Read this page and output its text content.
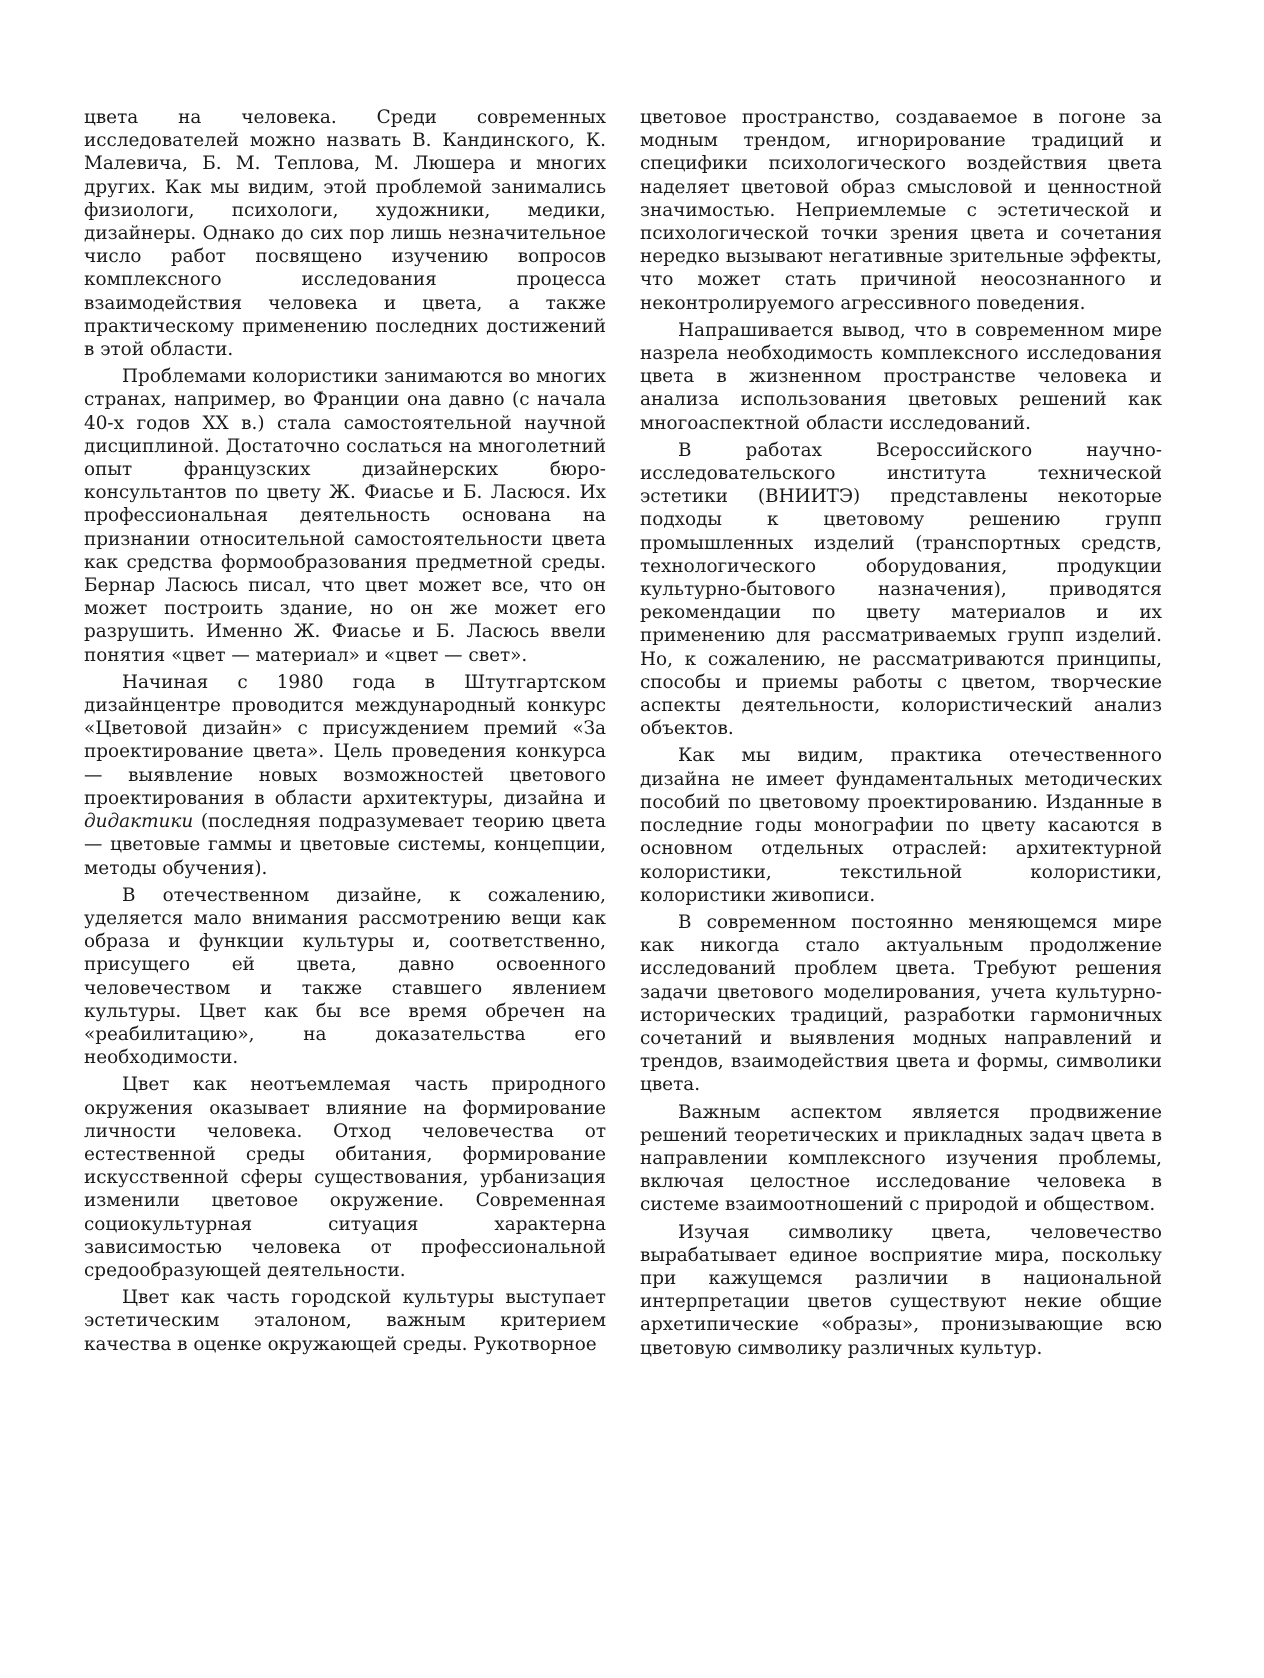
цвета на человека. Среди современных исследователей можно назвать В. Кандинского, К. Малевича, Б. М. Теплова, М. Люшера и многих других. Как мы видим, этой проблемой занимались физиологи, психологи, художники, медики, дизайнеры. Однако до сих пор лишь незначительное число работ посвящено изучению вопросов комплексного исследования процесса взаимодействия человека и цвета, а также практическому применению последних достижений в этой области.

Проблемами колористики занимаются во многих странах, например, во Франции она давно (с начала 40-х годов XX в.) стала самостоятельной научной дисциплиной. Достаточно сослаться на многолетний опыт французских дизайнерских бюро-консультантов по цвету Ж. Фиасье и Б. Ласюся. Их профессиональная деятельность основана на признании относительной самостоятельности цвета как средства формообразования предметной среды. Бернар Ласюсь писал, что цвет может все, что он может построить здание, но он же может его разрушить. Именно Ж. Фиасье и Б. Ласюсь ввели понятия «цвет — материал» и «цвет — свет».

Начиная с 1980 года в Штутгартском дизайнцентре проводится международный конкурс «Цветовой дизайн» с присуждением премий «За проектирование цвета». Цель проведения конкурса — выявление новых возможностей цветового проектирования в области архитектуры, дизайна и дидактики (последняя подразумевает теорию цвета — цветовые гаммы и цветовые системы, концепции, методы обучения).

В отечественном дизайне, к сожалению, уделяется мало внимания рассмотрению вещи как образа и функции культуры и, соответственно, присущего ей цвета, давно освоенного человечеством и также ставшего явлением культуры. Цвет как бы все время обречен на «реабилитацию», на доказательства его необходимости.

Цвет как неотъемлемая часть природного окружения оказывает влияние на формирование личности человека. Отход человечества от естественной среды обитания, формирование искусственной сферы существования, урбанизация изменили цветовое окружение. Современная социокультурная ситуация характерна зависимостью человека от профессиональной средообразующей деятельности.

Цвет как часть городской культуры выступает эстетическим эталоном, важным критерием качества в оценке окружающей среды. Рукотворное

цветовое пространство, создаваемое в погоне за модным трендом, игнорирование традиций и специфики психологического воздействия цвета наделяет цветовой образ смысловой и ценностной значимостью. Неприемлемые с эстетической и психологической точки зрения цвета и сочетания нередко вызывают негативные зрительные эффекты, что может стать причиной неосознанного и неконтролируемого агрессивного поведения.

Напрашивается вывод, что в современном мире назрела необходимость комплексного исследования цвета в жизненном пространстве человека и анализа использования цветовых решений как многоаспектной области исследований.

В работах Всероссийского научно-исследовательского института технической эстетики (ВНИИТЭ) представлены некоторые подходы к цветовому решению групп промышленных изделий (транспортных средств, технологического оборудования, продукции культурно-бытового назначения), приводятся рекомендации по цвету материалов и их применению для рассматриваемых групп изделий. Но, к сожалению, не рассматриваются принципы, способы и приемы работы с цветом, творческие аспекты деятельности, колористический анализ объектов.

Как мы видим, практика отечественного дизайна не имеет фундаментальных методических пособий по цветовому проектированию. Изданные в последние годы монографии по цвету касаются в основном отдельных отраслей: архитектурной колористики, текстильной колористики, колористики живописи.

В современном постоянно меняющемся мире как никогда стало актуальным продолжение исследований проблем цвета. Требуют решения задачи цветового моделирования, учета культурно-исторических традиций, разработки гармоничных сочетаний и выявления модных направлений и трендов, взаимодействия цвета и формы, символики цвета.

Важным аспектом является продвижение решений теоретических и прикладных задач цвета в направлении комплексного изучения проблемы, включая целостное исследование человека в системе взаимоотношений с природой и обществом.

Изучая символику цвета, человечество вырабатывает единое восприятие мира, поскольку при кажущемся различии в национальной интерпретации цветов существуют некие общие архетипические «образы», пронизывающие всю цветовую символику различных культур.
